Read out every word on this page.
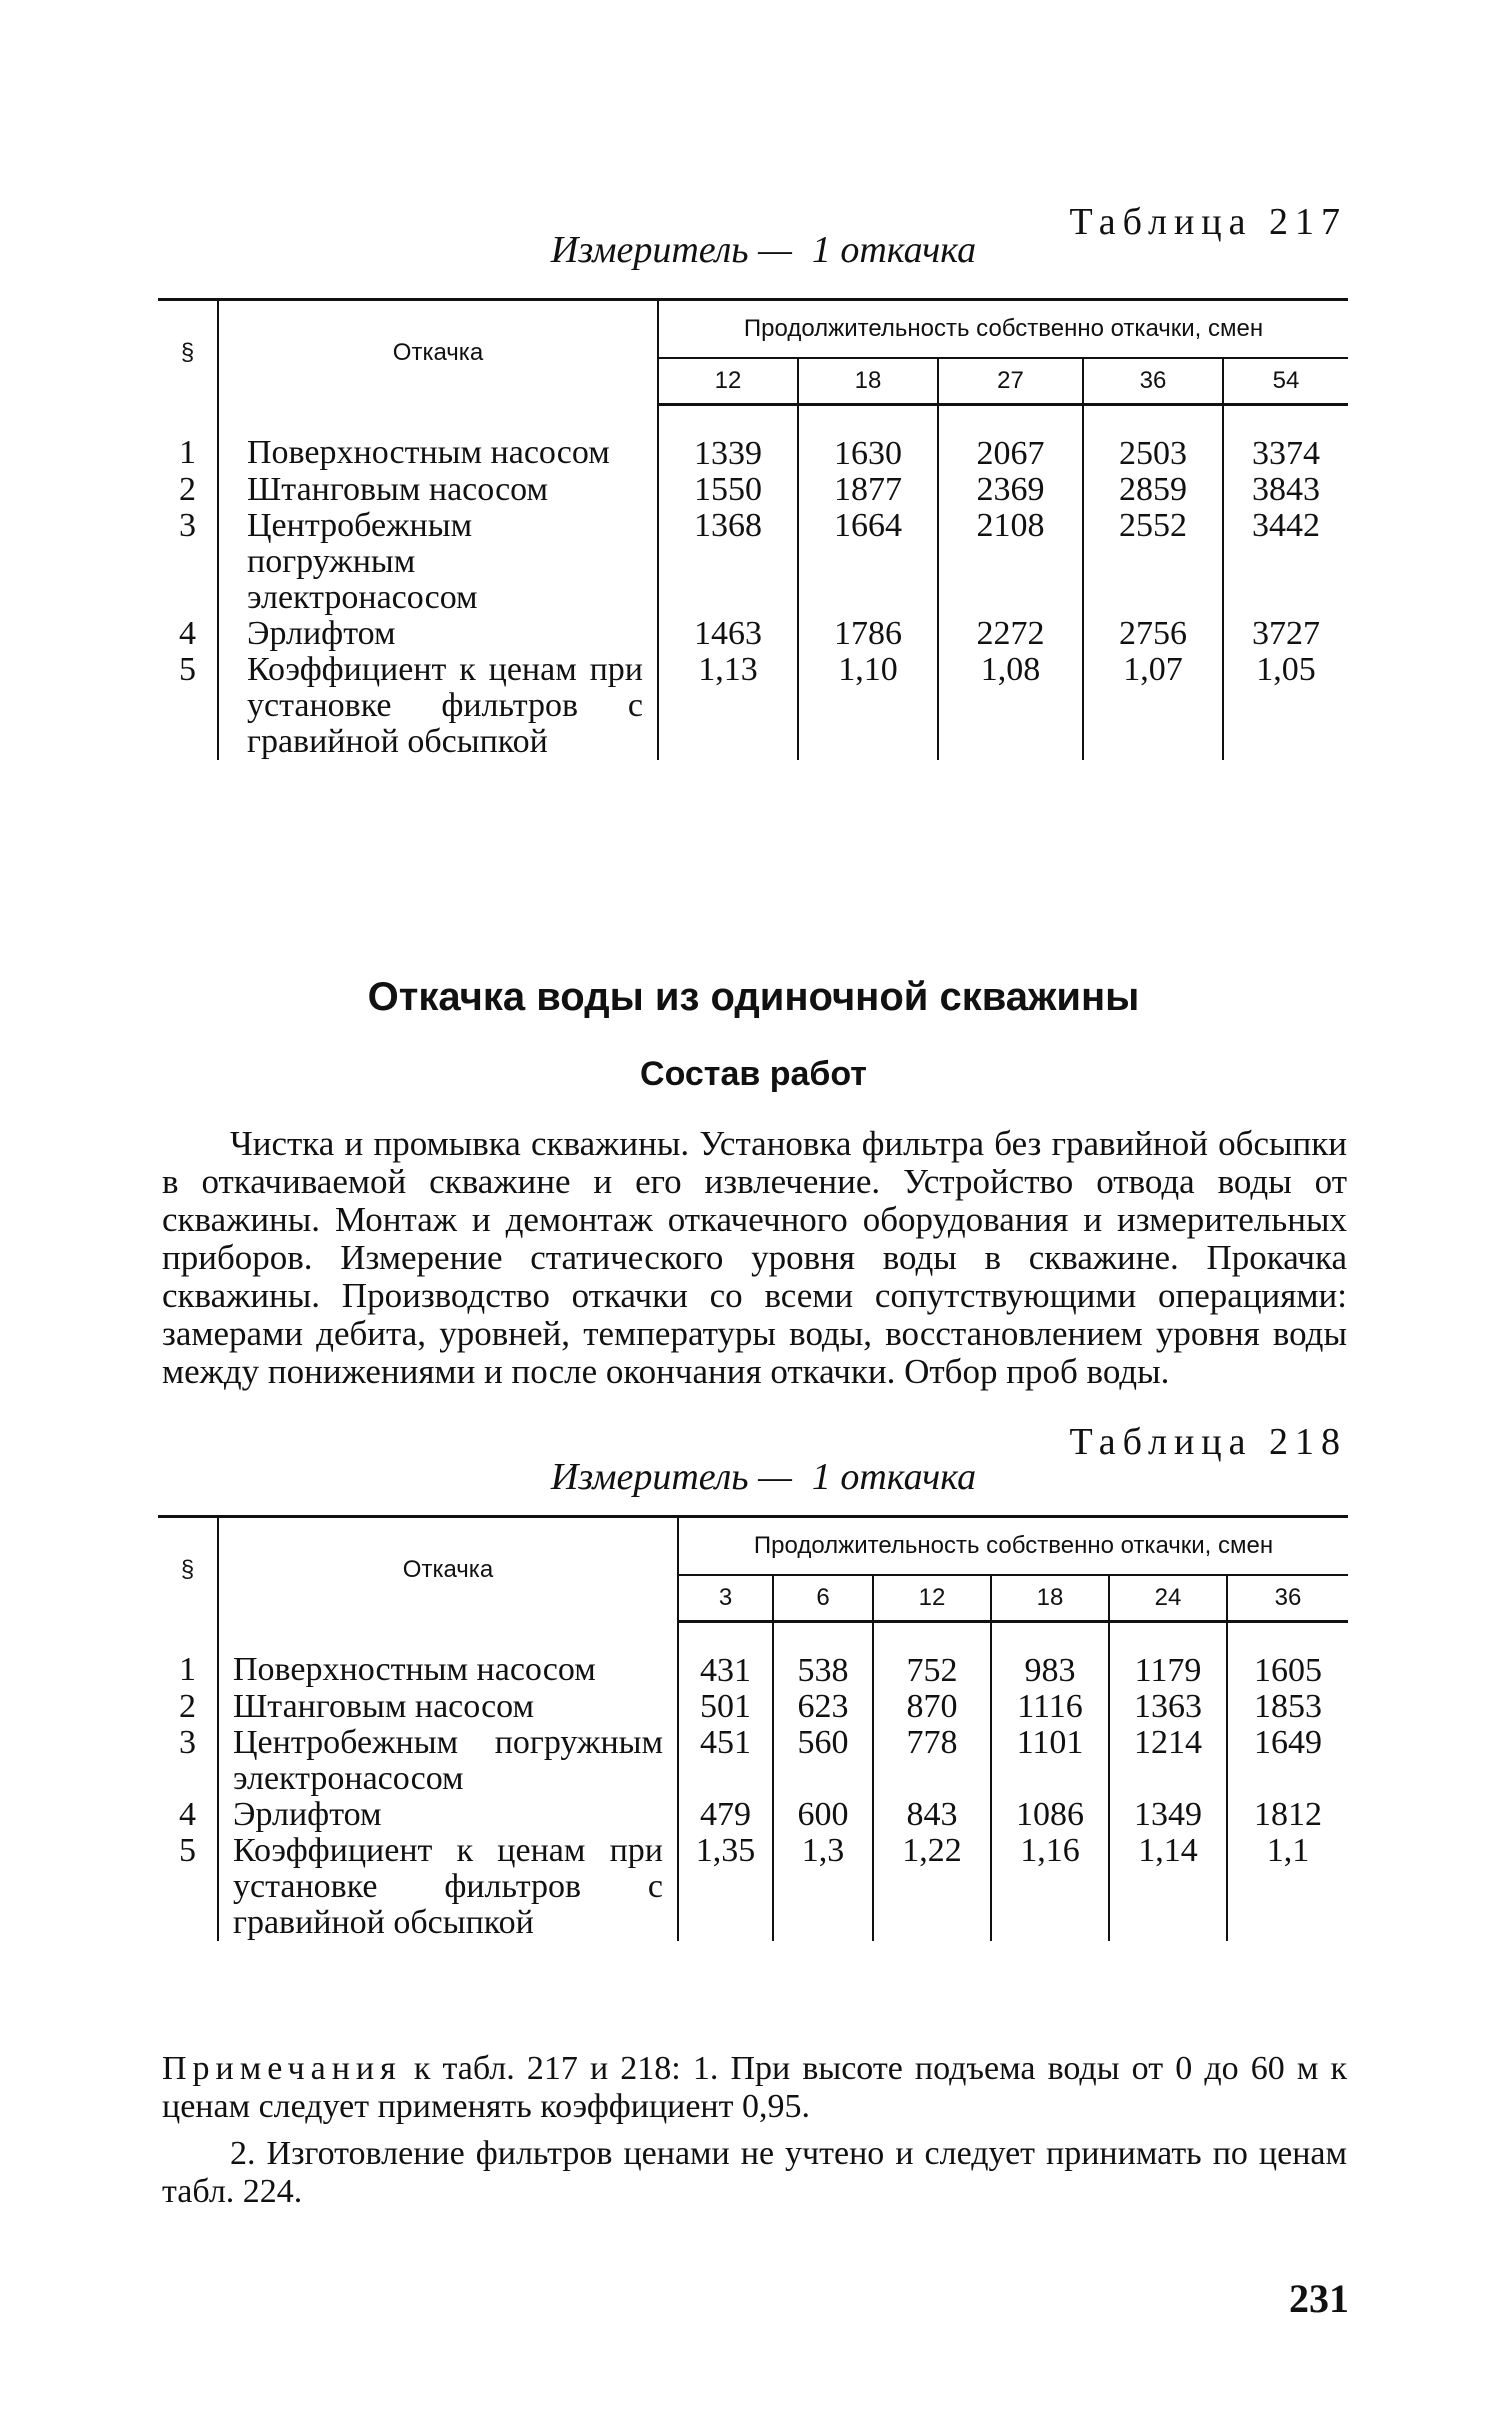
Таблица 217
Измеритель — 1 откачка
§	Откачка	Продолжительность собственно откачки, смен				
		12	18	27	36	54
1	Поверхностным насосом	1339	1630	2067	2503	3374
2	Штанговым насосом	1550	1877	2369	2859	3843
3	Центробежным погружным электронасосом	1368	1664	2108	2552	3442
4	Эрлифтом	1463	1786	2272	2756	3727
5	Коэффициент к ценам при установке фильтров с гравийной обсыпкой	1,13	1,10	1,08	1,07	1,05
Откачка воды из одиночной скважины
Состав работ
Чистка и промывка скважины. Установка фильтра без гравийной обсыпки в откачиваемой скважине и его извлечение. Устройство отвода воды от скважины. Монтаж и демонтаж откачечного оборудования и измерительных приборов. Измерение статического уровня воды в скважине. Прокачка скважины. Производство откачки со всеми сопутствующими операциями: замерами дебита, уровней, температуры воды, восстановлением уровня воды между понижениями и после окончания откачки. Отбор проб воды.
Таблица 218
Измеритель — 1 откачка
§	Откачка	Продолжительность собственно откачки, смен					
		3	6	12	18	24	36
1	Поверхностным насосом	431	538	752	983	1179	1605
2	Штанговым насосом	501	623	870	1116	1363	1853
3	Центробежным погружным электронасосом	451	560	778	1101	1214	1649
4	Эрлифтом	479	600	843	1086	1349	1812
5	Коэффициент к ценам при установке фильтров с гравийной обсыпкой	1,35	1,3	1,22	1,16	1,14	1,1
Примечания к табл. 217 и 218: 1. При высоте подъема воды от 0 до 60 м к ценам следует применять коэффициент 0,95.
2. Изготовление фильтров ценами не учтено и следует принимать по ценам табл. 224.
231
